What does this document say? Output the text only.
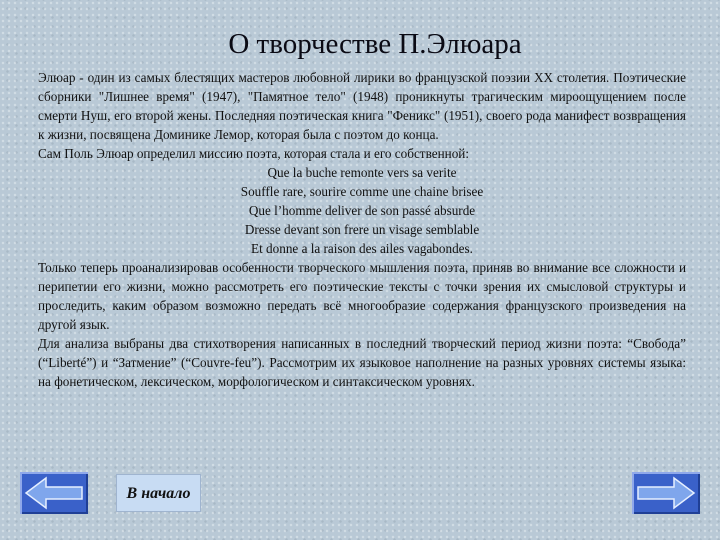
О творчестве П.Элюара

Элюар - один из самых блестящих мастеров любовной лирики во французской поэзии ХХ столетия. Поэтические сборники "Лишнее время" (1947), "Памятное тело" (1948) проникнуты трагическим мироощущением после смерти Нуш, его второй жены. Последняя поэтическая книга "Феникс" (1951), своего рода манифест возвращения к жизни, посвящена Доминике Лемор, которая была с поэтом до конца.

Сам Поль Элюар определил миссию поэта, которая стала и его собственной:

Que la buche remonte vers sa verite
Souffle rare, sourire comme une chaine brisee
Que l’homme deliver de son passé absurde
Dresse devant son frere un visage semblable
Et donne a la raison des ailes vagabondes.

Только теперь проанализировав особенности творческого мышления поэта, приняв во внимание все сложности и перипетии его жизни, можно рассмотреть его поэтические тексты с точки зрения их смысловой структуры и проследить, каким образом возможно передать всё многообразие содержания французского произведения на другой язык.

Для анализа выбраны два стихотворения написанных в последний творческий период жизни поэта: “Свобода” (“Liberté”) и “Затмение” (“Couvre-feu”). Рассмотрим их языковое наполнение на разных уровнях системы языка: на фонетическом, лексическом, морфологическом и синтаксическом уровнях.

В начало
